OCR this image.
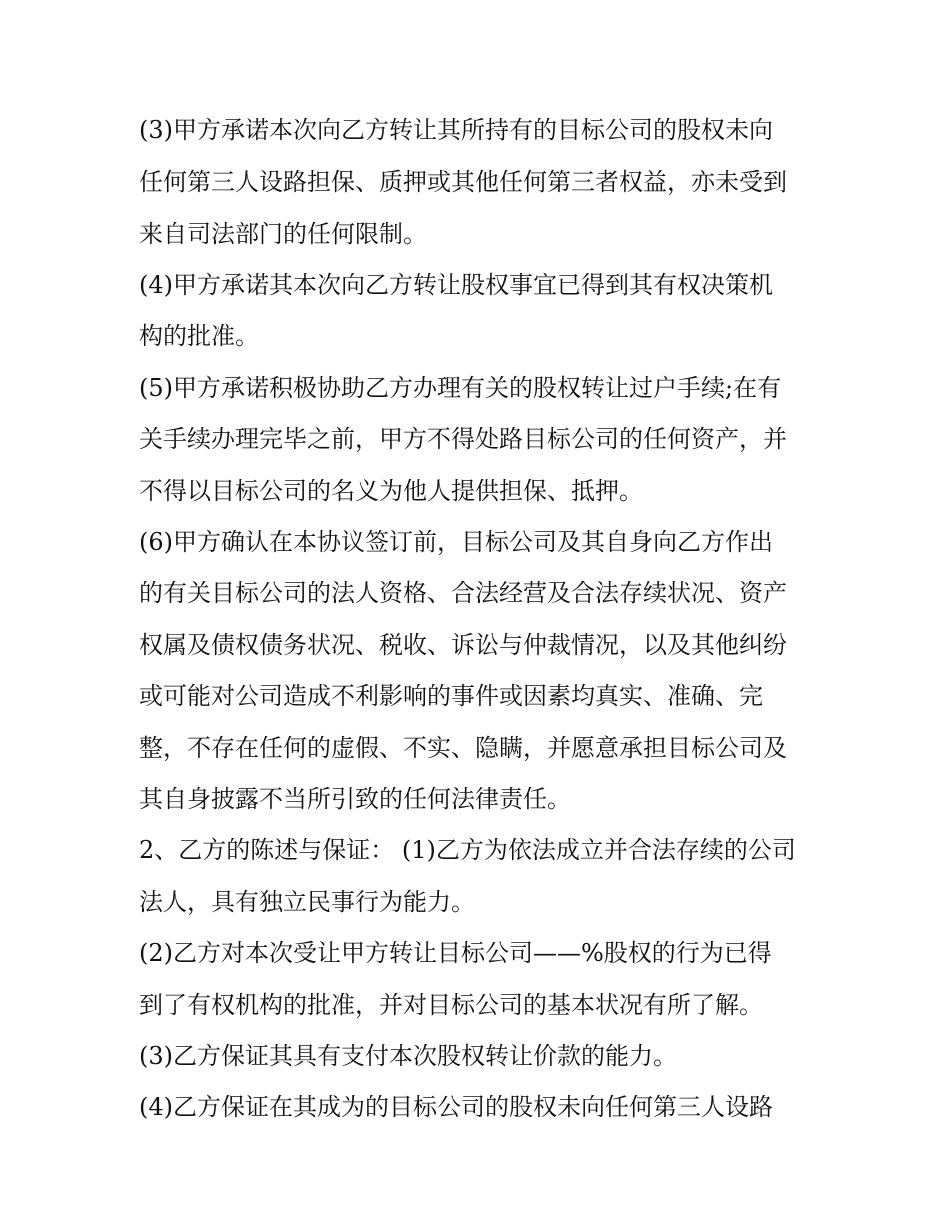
(3)甲方承诺本次向乙方转让其所持有的目标公司的股权未向
任何第三人设路担保、质押或其他任何第三者权益，亦未受到
来自司法部门的任何限制。
(4)甲方承诺其本次向乙方转让股权事宜已得到其有权决策机
构的批准。
(5)甲方承诺积极协助乙方办理有关的股权转让过户手续;在有
关手续办理完毕之前，甲方不得处路目标公司的任何资产，并
不得以目标公司的名义为他人提供担保、抵押。
(6)甲方确认在本协议签订前，目标公司及其自身向乙方作出
的有关目标公司的法人资格、合法经营及合法存续状况、资产
权属及债权债务状况、税收、诉讼与仲裁情况，以及其他纠纷
或可能对公司造成不利影响的事件或因素均真实、准确、完
整，不存在任何的虚假、不实、隐瞒，并愿意承担目标公司及
其自身披露不当所引致的任何法律责任。
2、乙方的陈述与保证： (1)乙方为依法成立并合法存续的公司
法人，具有独立民事行为能力。
(2)乙方对本次受让甲方转让目标公司——%股权的行为已得
到了有权机构的批准，并对目标公司的基本状况有所了解。
(3)乙方保证其具有支付本次股权转让价款的能力。
(4)乙方保证在其成为的目标公司的股权未向任何第三人设路
